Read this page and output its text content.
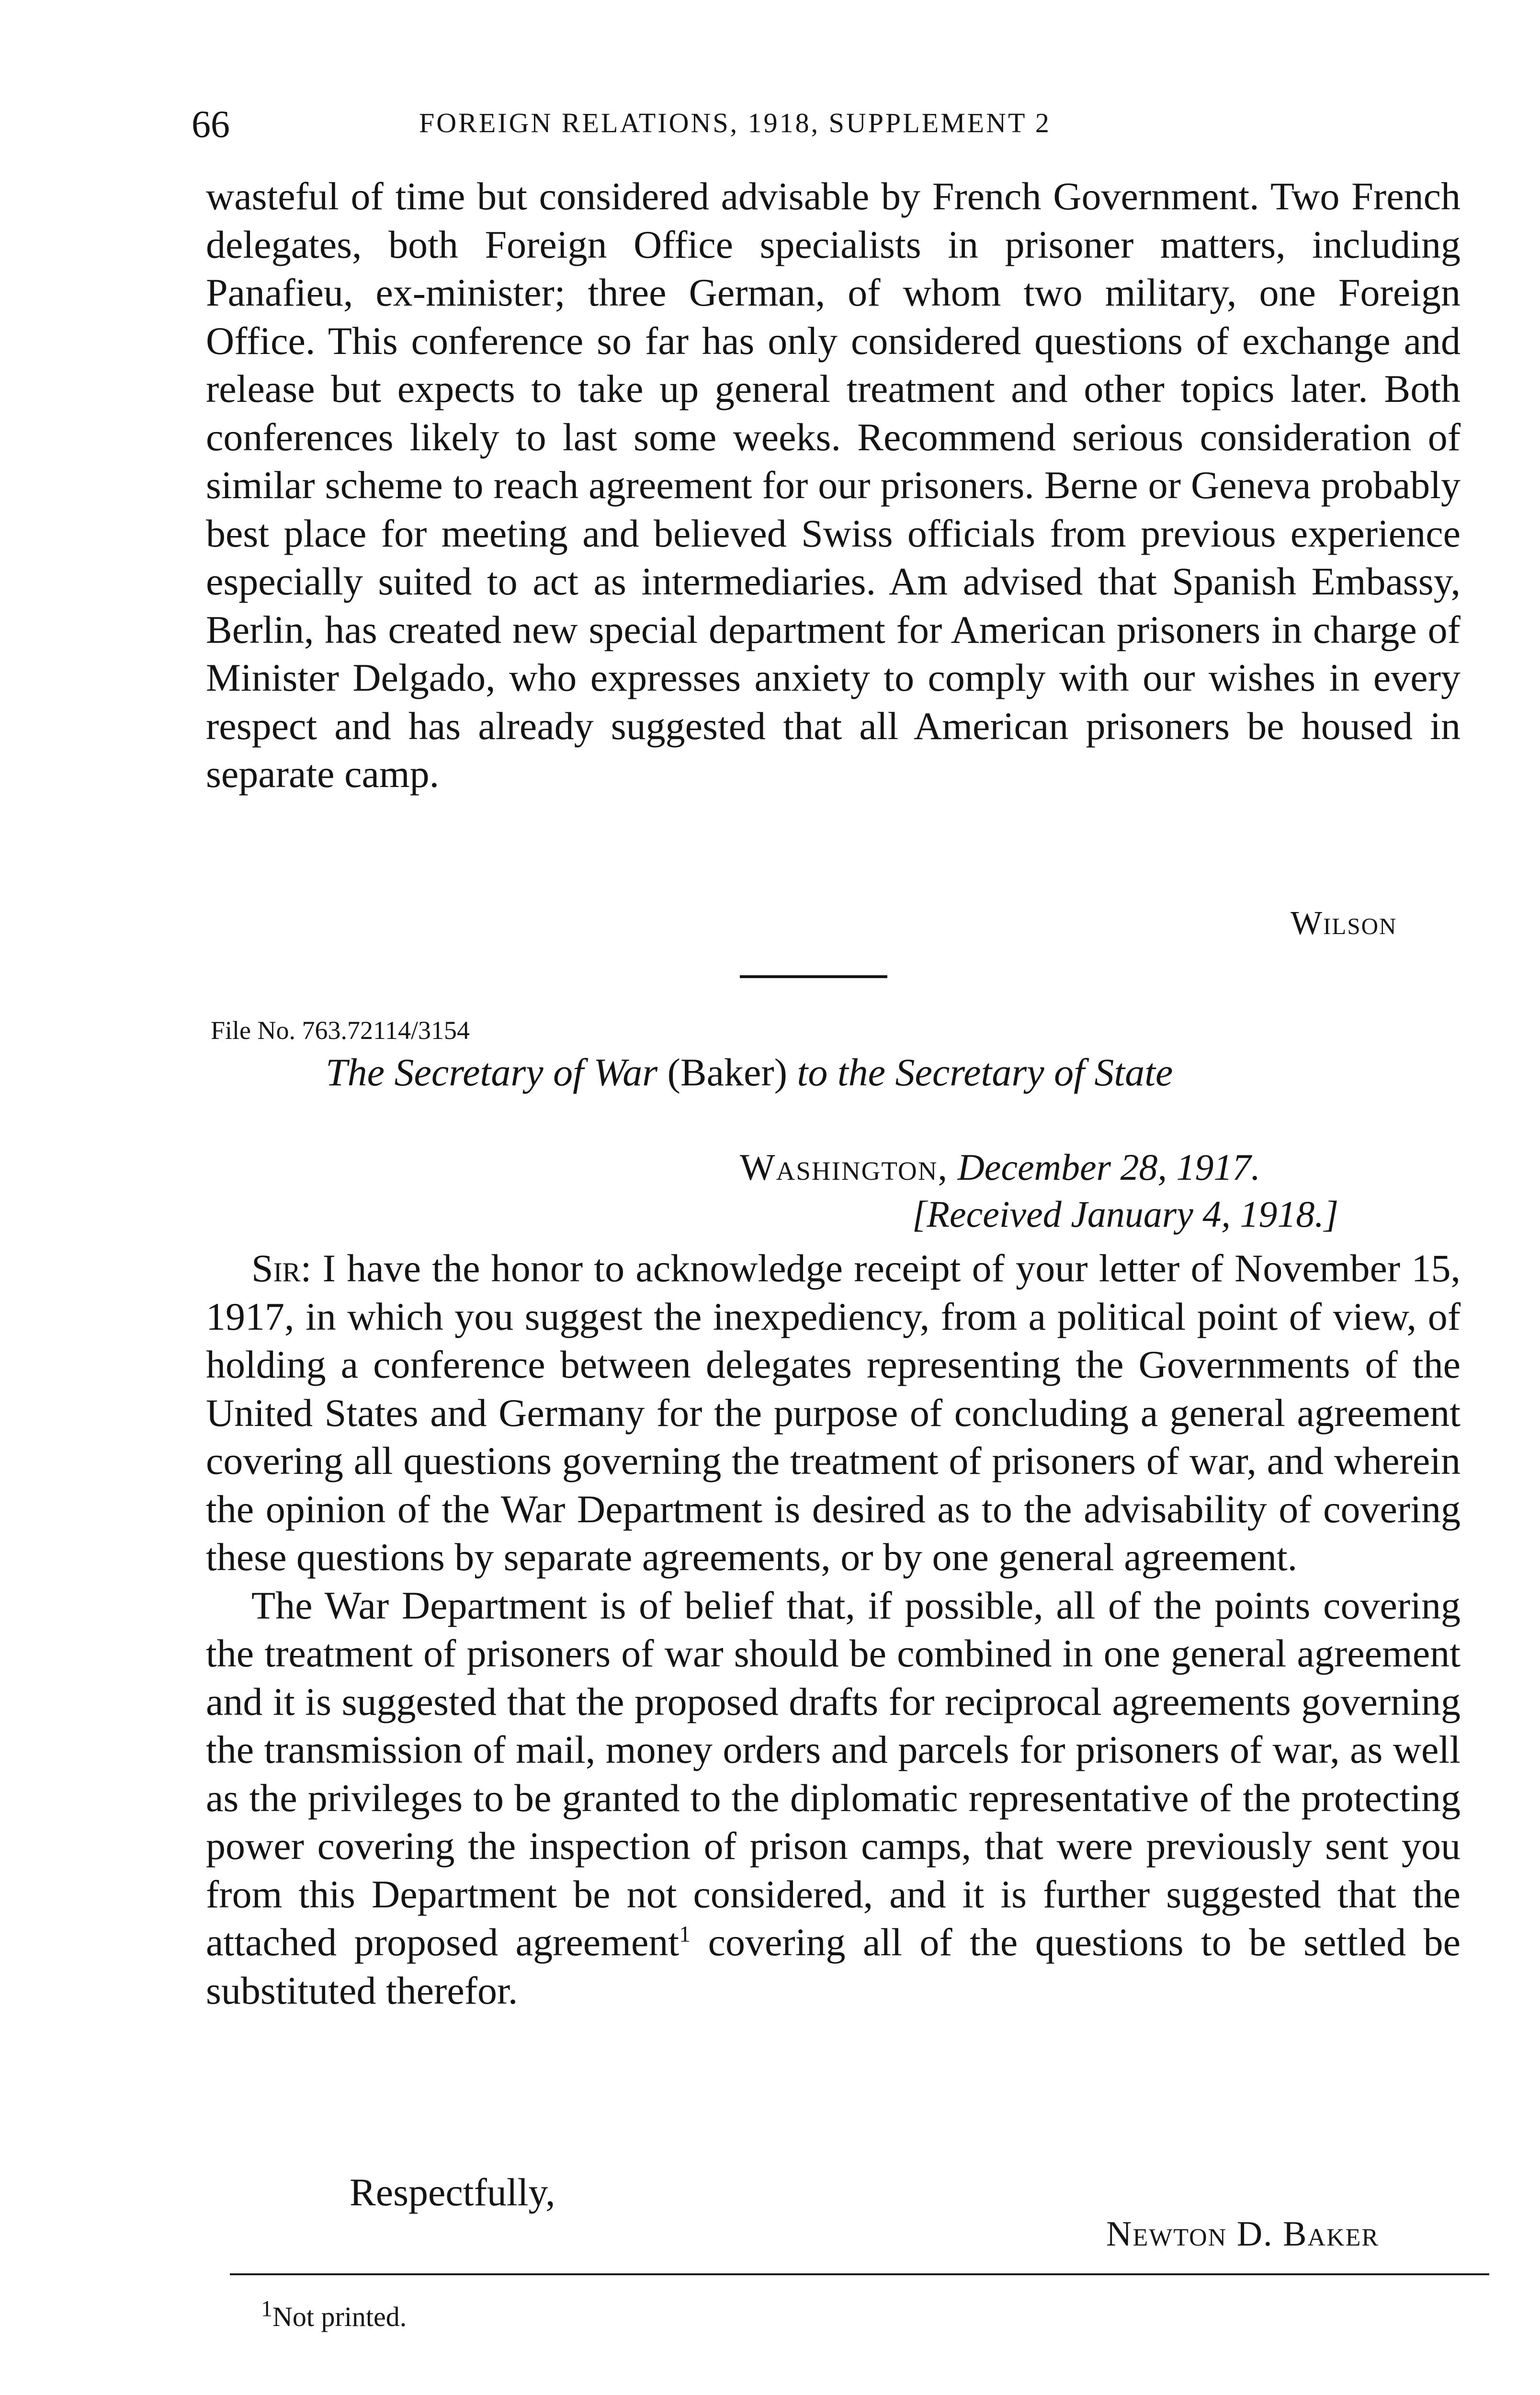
66	FOREIGN RELATIONS, 1918, SUPPLEMENT 2

wasteful of time but considered advisable by French Government. Two French delegates, both Foreign Office specialists in prisoner matters, including Panafieu, ex-minister; three German, of whom two military, one Foreign Office. This conference so far has only considered questions of exchange and release but expects to take up general treatment and other topics later. Both conferences likely to last some weeks. Recommend serious consideration of similar scheme to reach agreement for our prisoners. Berne or Geneva probably best place for meeting and believed Swiss officials from previous experience especially suited to act as intermediaries. Am advised that Spanish Embassy, Berlin, has created new special department for American prisoners in charge of Minister Delgado, who expresses anxiety to comply with our wishes in every respect and has already suggested that all American prisoners be housed in separate camp.

Wilson
File No. 763.72114/3154
The Secretary of War (Baker) to the Secretary of State
Washington, December 28, 1917.
[Received January 4, 1918.]

Sir: I have the honor to acknowledge receipt of your letter of November 15, 1917, in which you suggest the inexpediency, from a political point of view, of holding a conference between delegates representing the Governments of the United States and Germany for the purpose of concluding a general agreement covering all questions governing the treatment of prisoners of war, and wherein the opinion of the War Department is desired as to the advisability of covering these questions by separate agreements, or by one general agreement.

The War Department is of belief that, if possible, all of the points covering the treatment of prisoners of war should be combined in one general agreement and it is suggested that the proposed drafts for reciprocal agreements governing the transmission of mail, money orders and parcels for prisoners of war, as well as the privileges to be granted to the diplomatic representative of the protecting power covering the inspection of prison camps, that were previously sent you from this Department be not considered, and it is further suggested that the attached proposed agreement$^1$ covering all of the questions to be settled be substituted therefor.

Respectfully,
Newton D. Baker
$^1$Not printed.
